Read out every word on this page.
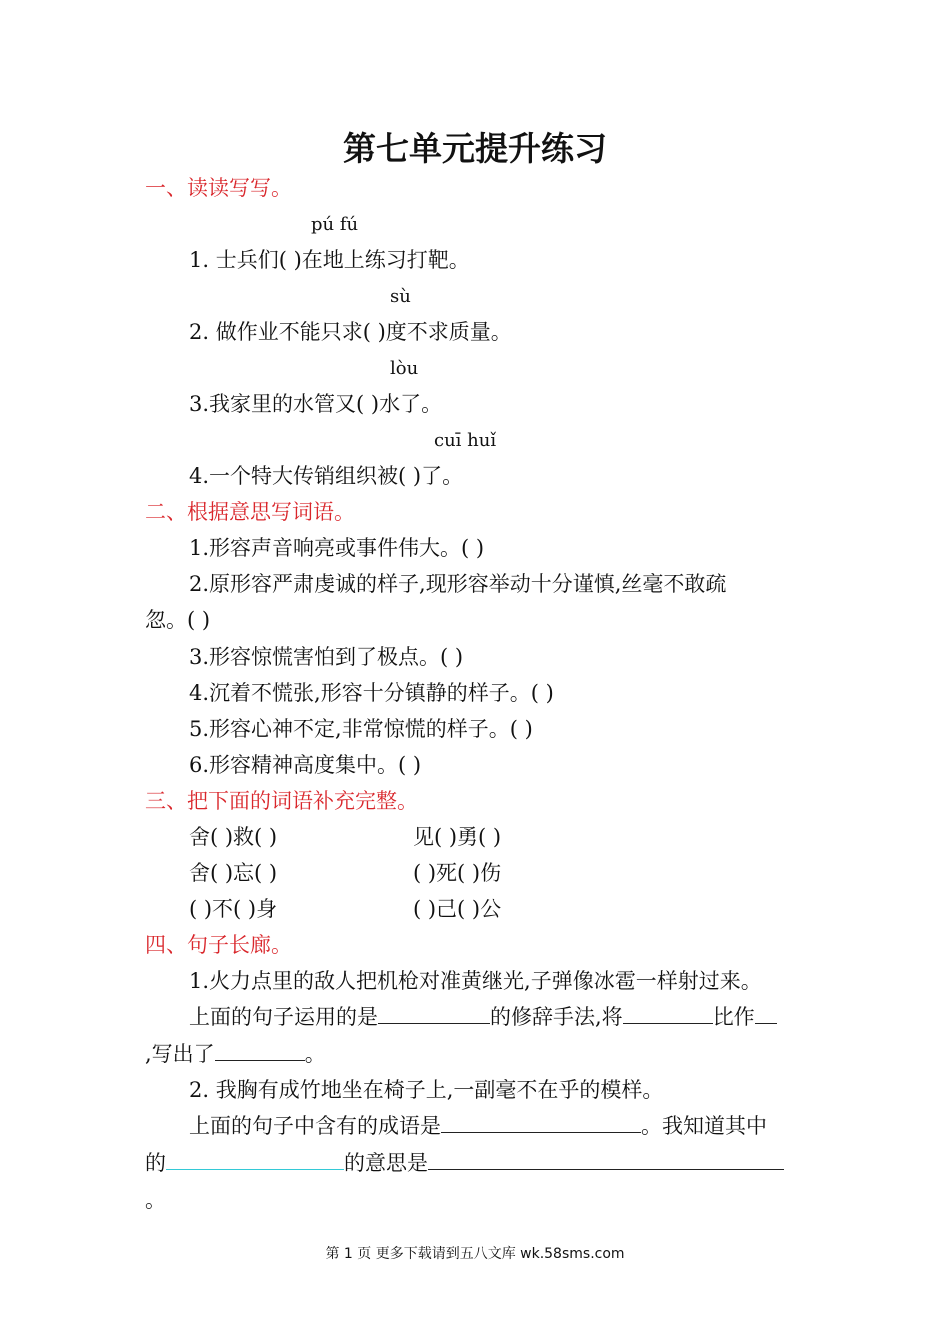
第七单元提升练习
一、读读写写。
pú fú
1. 士兵们( )在地上练习打靶。
sù
2. 做作业不能只求( )度不求质量。
lòu
3.我家里的水管又( )水了。
cuī huǐ
4.一个特大传销组织被( )了。
二、根据意思写词语。
1.形容声音响亮或事件伟大。( )
2.原形容严肃虔诚的样子,现形容举动十分谨慎,丝毫不敢疏
忽。( )
3.形容惊慌害怕到了极点。( )
4.沉着不慌张,形容十分镇静的样子。( )
5.形容心神不定,非常惊慌的样子。( )
6.形容精神高度集中。( )
三、把下面的词语补充完整。
舍( )救( )	见( )勇( )
舍( )忘( )	( )死( )伤
( )不( )身	( )己( )公
四、句子长廊。
1.火力点里的敌人把机枪对准黄继光,子弹像冰雹一样射过来。
上面的句子运用的是	的修辞手法,将	比作
,写出了	。
2. 我胸有成竹地坐在椅子上,一副毫不在乎的模样。
上面的句子中含有的成语是	。我知道其中
的	的意思是
。
第 1 页 更多下载请到五八文库 wk.58sms.com
